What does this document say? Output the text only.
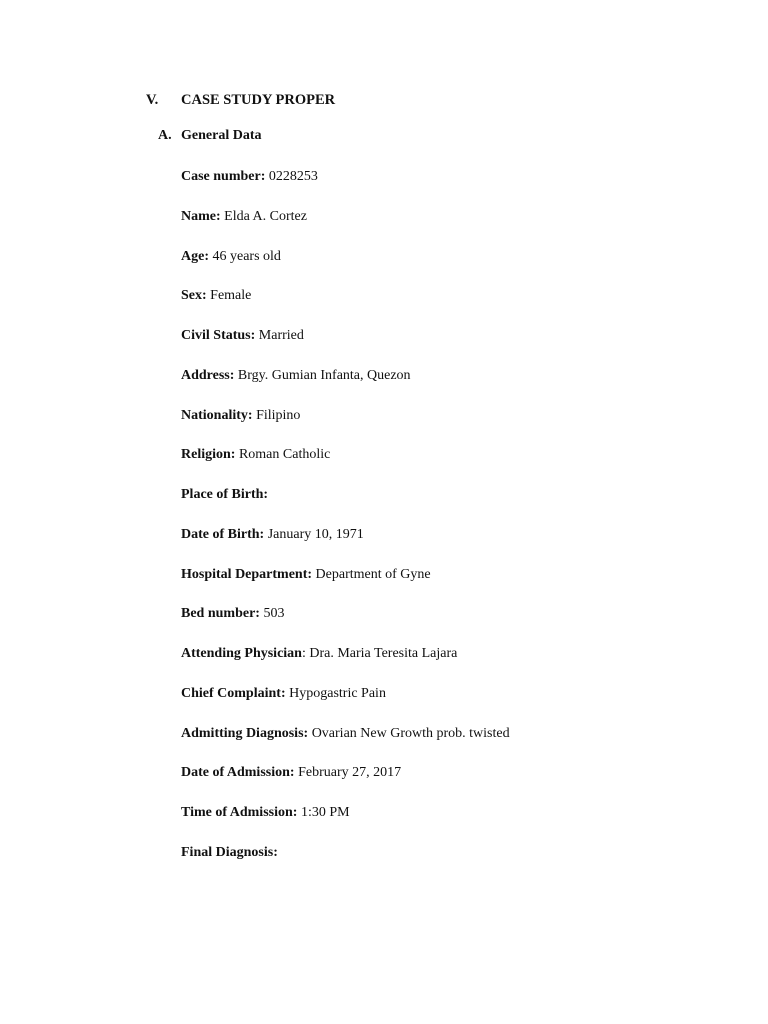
V. CASE STUDY PROPER
A. General Data
Case number: 0228253
Name: Elda A. Cortez
Age: 46 years old
Sex: Female
Civil Status: Married
Address: Brgy. Gumian Infanta, Quezon
Nationality: Filipino
Religion: Roman Catholic
Place of Birth:
Date of Birth: January 10, 1971
Hospital Department: Department of Gyne
Bed number: 503
Attending Physician: Dra. Maria Teresita Lajara
Chief Complaint: Hypogastric Pain
Admitting Diagnosis: Ovarian New Growth prob. twisted
Date of Admission: February 27, 2017
Time of Admission: 1:30 PM
Final Diagnosis:
